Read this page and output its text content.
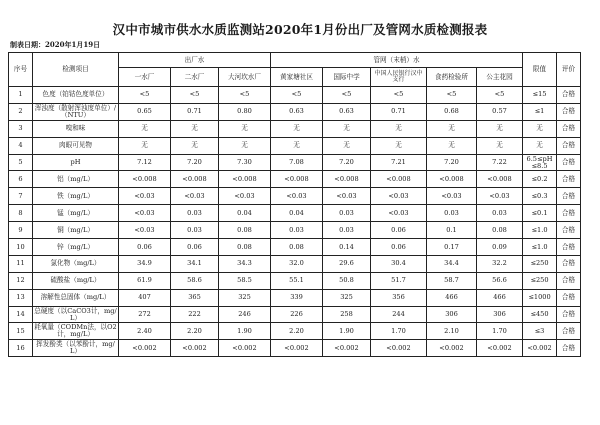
汉中市城市供水水质监测站2020年1月份出厂及管网水质检测报表
制表日期：2020年1月19日
序号	检测项目	出厂水			管网（末梢）水					限值	评价
		一水厂	二水厂	大河坎水厂	黄家塘社区	国际中学	中国人民银行汉中支行	食药检验所	公主花园		
1	色度（铂钴色度单位）	<5	<5	<5	<5	<5	<5	<5	<5	≤15	合格
2	浑浊度（散射浑浊度单位）/（NTU）	0.65	0.71	0.80	0.63	0.63	0.71	0.68	0.57	≤1	合格
3	嗅和味	无	无	无	无	无	无	无	无	无	合格
4	肉眼可见物	无	无	无	无	无	无	无	无	无	合格
5	pH	7.12	7.20	7.30	7.08	7.20	7.21	7.20	7.22	6.5≤pH≤8.5	合格
6	铝（mg/L）	<0.008	<0.008	<0.008	<0.008	<0.008	<0.008	<0.008	<0.008	≤0.2	合格
7	铁（mg/L）	<0.03	<0.03	<0.03	<0.03	<0.03	<0.03	<0.03	<0.03	≤0.3	合格
8	锰（mg/L）	<0.03	0.03	0.04	0.04	0.03	<0.03	0.03	0.03	≤0.1	合格
9	铜（mg/L）	<0.03	0.03	0.08	0.03	0.03	0.06	0.1	0.08	≤1.0	合格
10	锌（mg/L）	0.06	0.06	0.08	0.08	0.14	0.06	0.17	0.09	≤1.0	合格
11	氯化物（mg/L）	34.9	34.1	34.3	32.0	29.6	30.4	34.4	32.2	≤250	合格
12	硫酸盐（mg/L）	61.9	58.6	58.5	55.1	50.8	51.7	58.7	56.6	≤250	合格
13	溶解性总固体（mg/L）	407	365	325	339	325	356	466	466	≤1000	合格
14	总硬度（以CaCO3计，mg/L）	272	222	246	226	258	244	306	306	≤450	合格
15	耗氧量（CODMn法，以O2计，mg/L）	2.40	2.20	1.90	2.20	1.90	1.70	2.10	1.70	≤3	合格
16	挥发酚类（以苯酚计，mg/L）	<0.002	<0.002	<0.002	<0.002	<0.002	<0.002	<0.002	<0.002	<0.002	合格
